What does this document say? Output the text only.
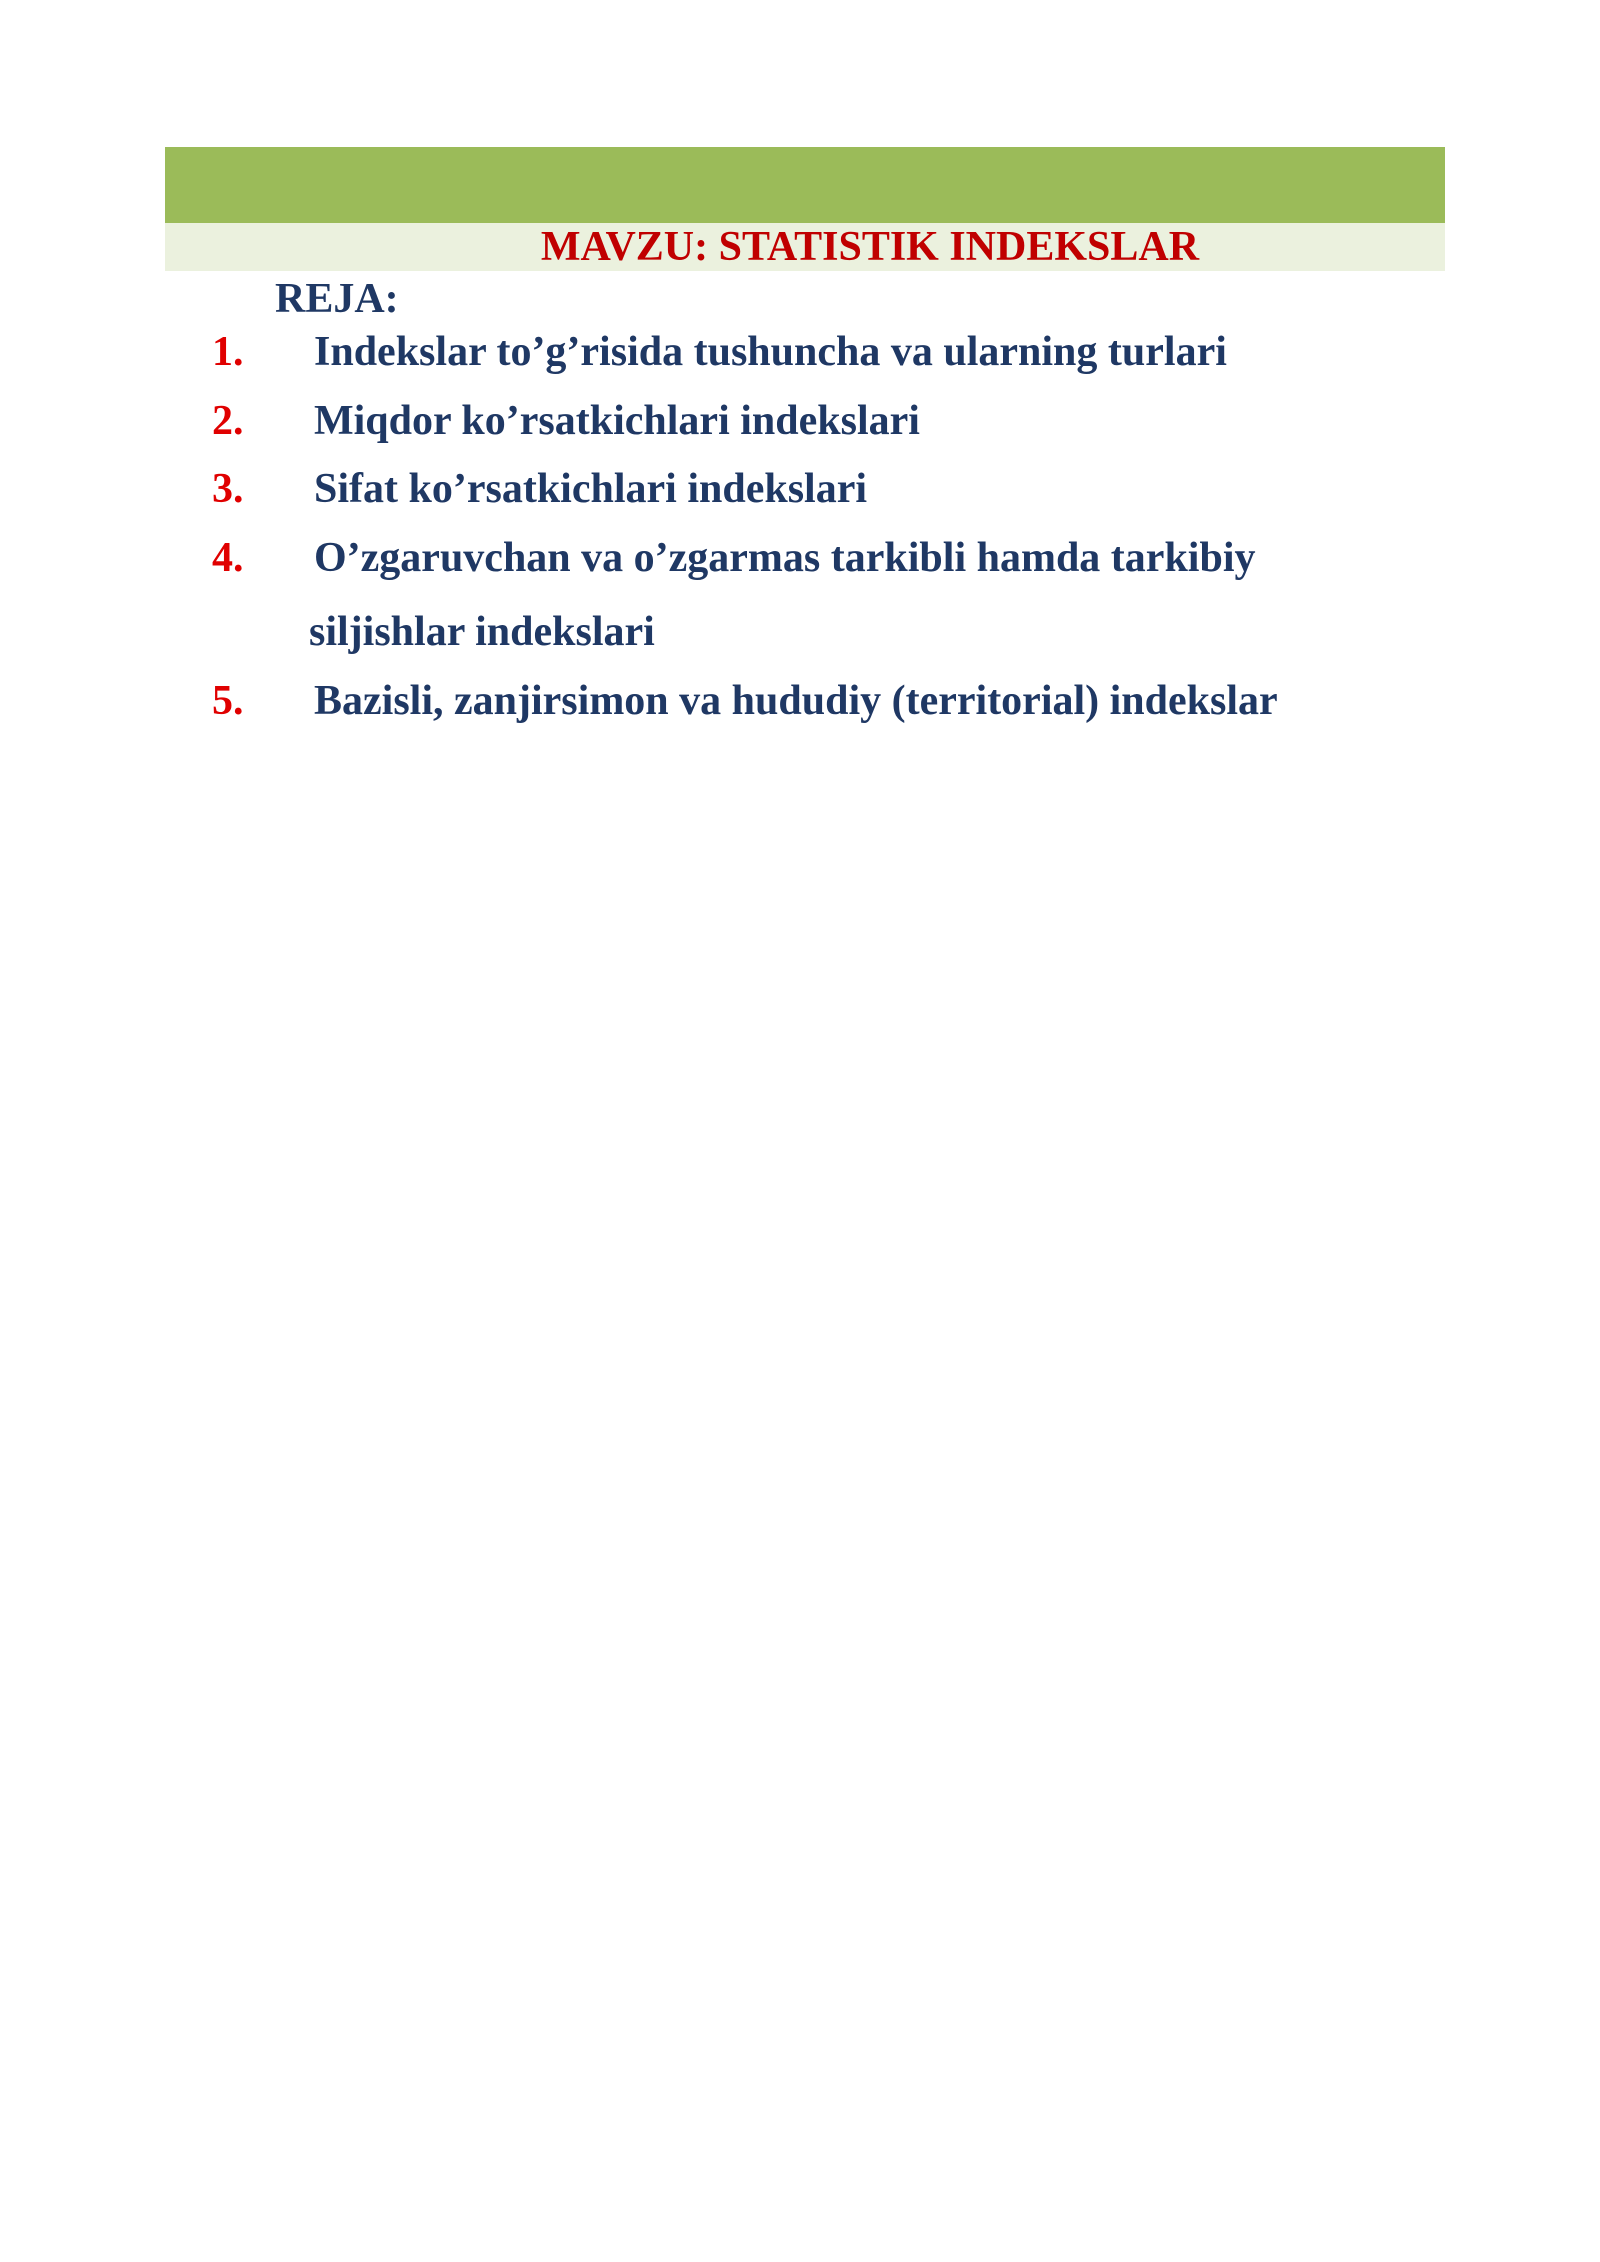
MAVZU: STATISTIK INDEKSLAR
REJA:
1. Indekslar to’g’risida tushuncha va ularning turlari
2. Miqdor ko’rsatkichlari indekslari
3. Sifat ko’rsatkichlari indekslari
4. O’zgaruvchan va o’zgarmas tarkibli hamda tarkibiy
siljishlar indekslari
5. Bazisli, zanjirsimon va hududiy (territorial) indekslar
